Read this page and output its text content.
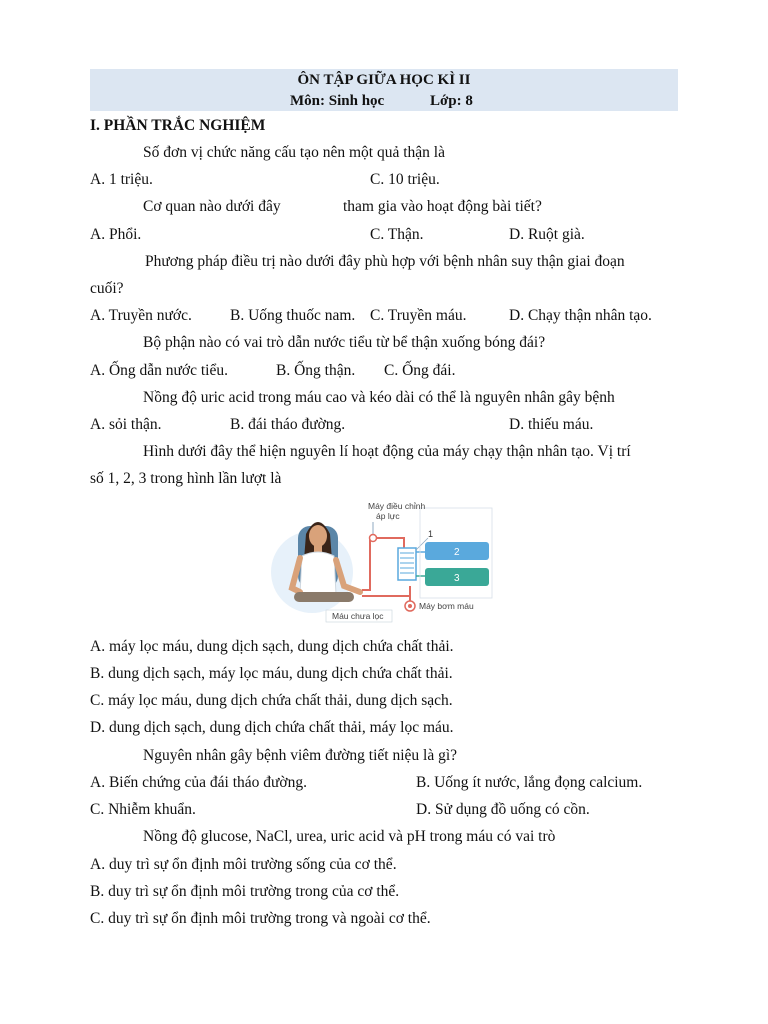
ÔN TẬP GIỮA HỌC KÌ II
Môn: Sinh học	Lớp: 8
I. PHẦN TRẮC NGHIỆM
Số đơn vị chức năng cấu tạo nên một quả thận là
A. 1 triệu.	C. 10 triệu.
Cơ quan nào dưới đây	tham gia vào hoạt động bài tiết?
A. Phổi.	C. Thận.	D. Ruột già.
Phương pháp điều trị nào dưới đây phù hợp với bệnh nhân suy thận giai đoạn
cuối?
A. Truyền nước. B. Uống thuốc nam. C. Truyền máu.	D. Chạy thận nhân tạo.
Bộ phận nào có vai trò dẫn nước tiểu từ bể thận xuống bóng đái?
A. Ống dẫn nước tiểu.	B. Ống thận. C. Ống đái.
Nồng độ uric acid trong máu cao và kéo dài có thể là nguyên nhân gây bệnh
A. sỏi thận.	B. đái tháo đường.	D. thiếu máu.
Hình dưới đây thể hiện nguyên lí hoạt động của máy chạy thận nhân tạo. Vị trí
số 1, 2, 3 trong hình lần lượt là
1
2
3
Máy điều chỉnh
áp lực
Máy bơm máu
Máu chưa lọc
A. máy lọc máu, dung dịch sạch, dung dịch chứa chất thải.
B. dung dịch sạch, máy lọc máu, dung dịch chứa chất thải.
C. máy lọc máu, dung dịch chứa chất thải, dung dịch sạch.
D. dung dịch sạch, dung dịch chứa chất thải, máy lọc máu.
Nguyên nhân gây bệnh viêm đường tiết niệu là gì?
A. Biến chứng của đái tháo đường.	B. Uống ít nước, lắng đọng calcium.
C. Nhiễm khuẩn.	D. Sử dụng đồ uống có cồn.
Nồng độ glucose, NaCl, urea, uric acid và pH trong máu có vai trò
A. duy trì sự ổn định môi trường sống của cơ thể.
B. duy trì sự ổn định môi trường trong của cơ thể.
C. duy trì sự ổn định môi trường trong và ngoài cơ thể.
